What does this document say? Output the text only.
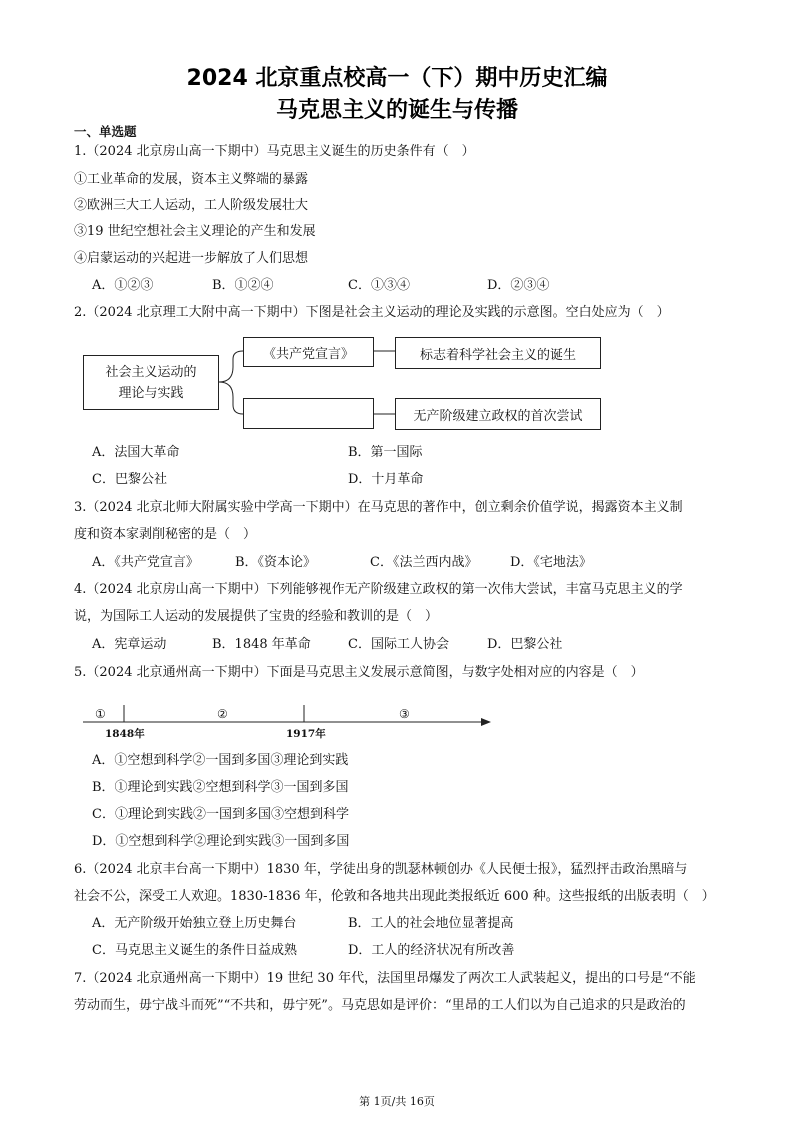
2024 北京重点校高一（下）期中历史汇编
马克思主义的诞生与传播
一、单选题
1.（2024 北京房山高一下期中）马克思主义诞生的历史条件有（　）
①工业革命的发展，资本主义弊端的暴露
②欧洲三大工人运动，工人阶级发展壮大
③19 世纪空想社会主义理论的产生和发展
④启蒙运动的兴起进一步解放了人们思想
A．①②③	B．①②④	C．①③④	D．②③④
2.（2024 北京理工大附中高一下期中）下图是社会主义运动的理论及实践的示意图。空白处应为（　）
社会主义运动的
理论与实践
《共产党宣言》	标志着科学社会主义的诞生
无产阶级建立政权的首次尝试
A．法国大革命	B．第一国际
C．巴黎公社	D．十月革命
3.（2024 北京北师大附属实验中学高一下期中）在马克思的著作中，创立剩余价值学说，揭露资本主义制
度和资本家剥削秘密的是（　）
A．《共产党宣言》	B．《资本论》	C．《法兰西内战》	D．《宅地法》
4.（2024 北京房山高一下期中）下列能够视作无产阶级建立政权的第一次伟大尝试，丰富马克思主义的学
说，为国际工人运动的发展提供了宝贵的经验和教训的是（　）
A．宪章运动	B．1848 年革命	C．国际工人协会	D．巴黎公社
5.（2024 北京通州高一下期中）下面是马克思主义发展示意简图，与数字处相对应的内容是（　）
①	②	③
1848年	1917年
A．①空想到科学②一国到多国③理论到实践
B．①理论到实践②空想到科学③一国到多国
C．①理论到实践②一国到多国③空想到科学
D．①空想到科学②理论到实践③一国到多国
6.（2024 北京丰台高一下期中）1830 年，学徒出身的凯瑟林顿创办《人民便士报》，猛烈抨击政治黑暗与
社会不公，深受工人欢迎。1830-1836 年，伦敦和各地共出现此类报纸近 600 种。这些报纸的出版表明（　）
A．无产阶级开始独立登上历史舞台	B．工人的社会地位显著提高
C．马克思主义诞生的条件日益成熟	D．工人的经济状况有所改善
7.（2024 北京通州高一下期中）19 世纪 30 年代，法国里昂爆发了两次工人武装起义，提出的口号是“不能
劳动而生，毋宁战斗而死”“不共和，毋宁死”。马克思如是评价：“里昂的工人们以为自己追求的只是政治的
第 1页/共 16页
